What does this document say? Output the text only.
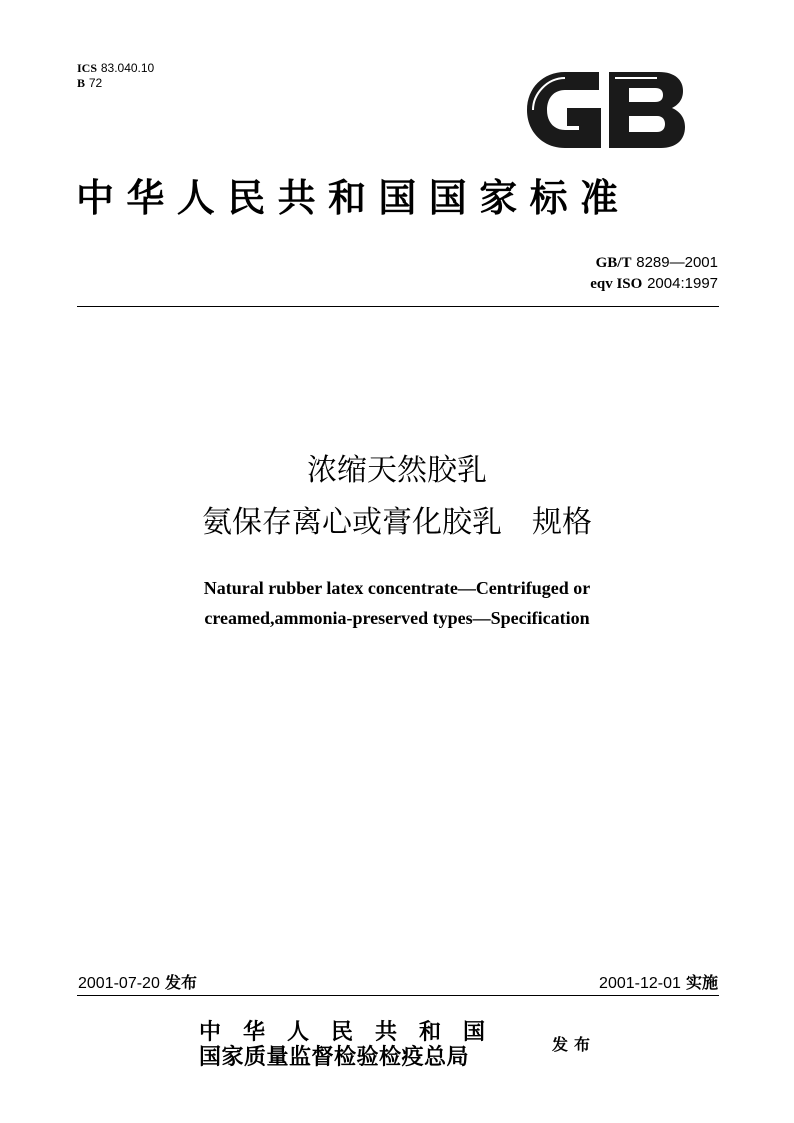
ICS 83.040.10
B 72
中华人民共和国国家标准
GB/T 8289—2001
eqv ISO 2004:1997
浓缩天然胶乳
氨保存离心或膏化胶乳　规格
Natural rubber latex concentrate—Centrifuged or
creamed,ammonia-preserved types—Specification
2001-07-20 发布	2001-12-01 实施
中华人民共和国
国家质量监督检验检疫总局
发布
